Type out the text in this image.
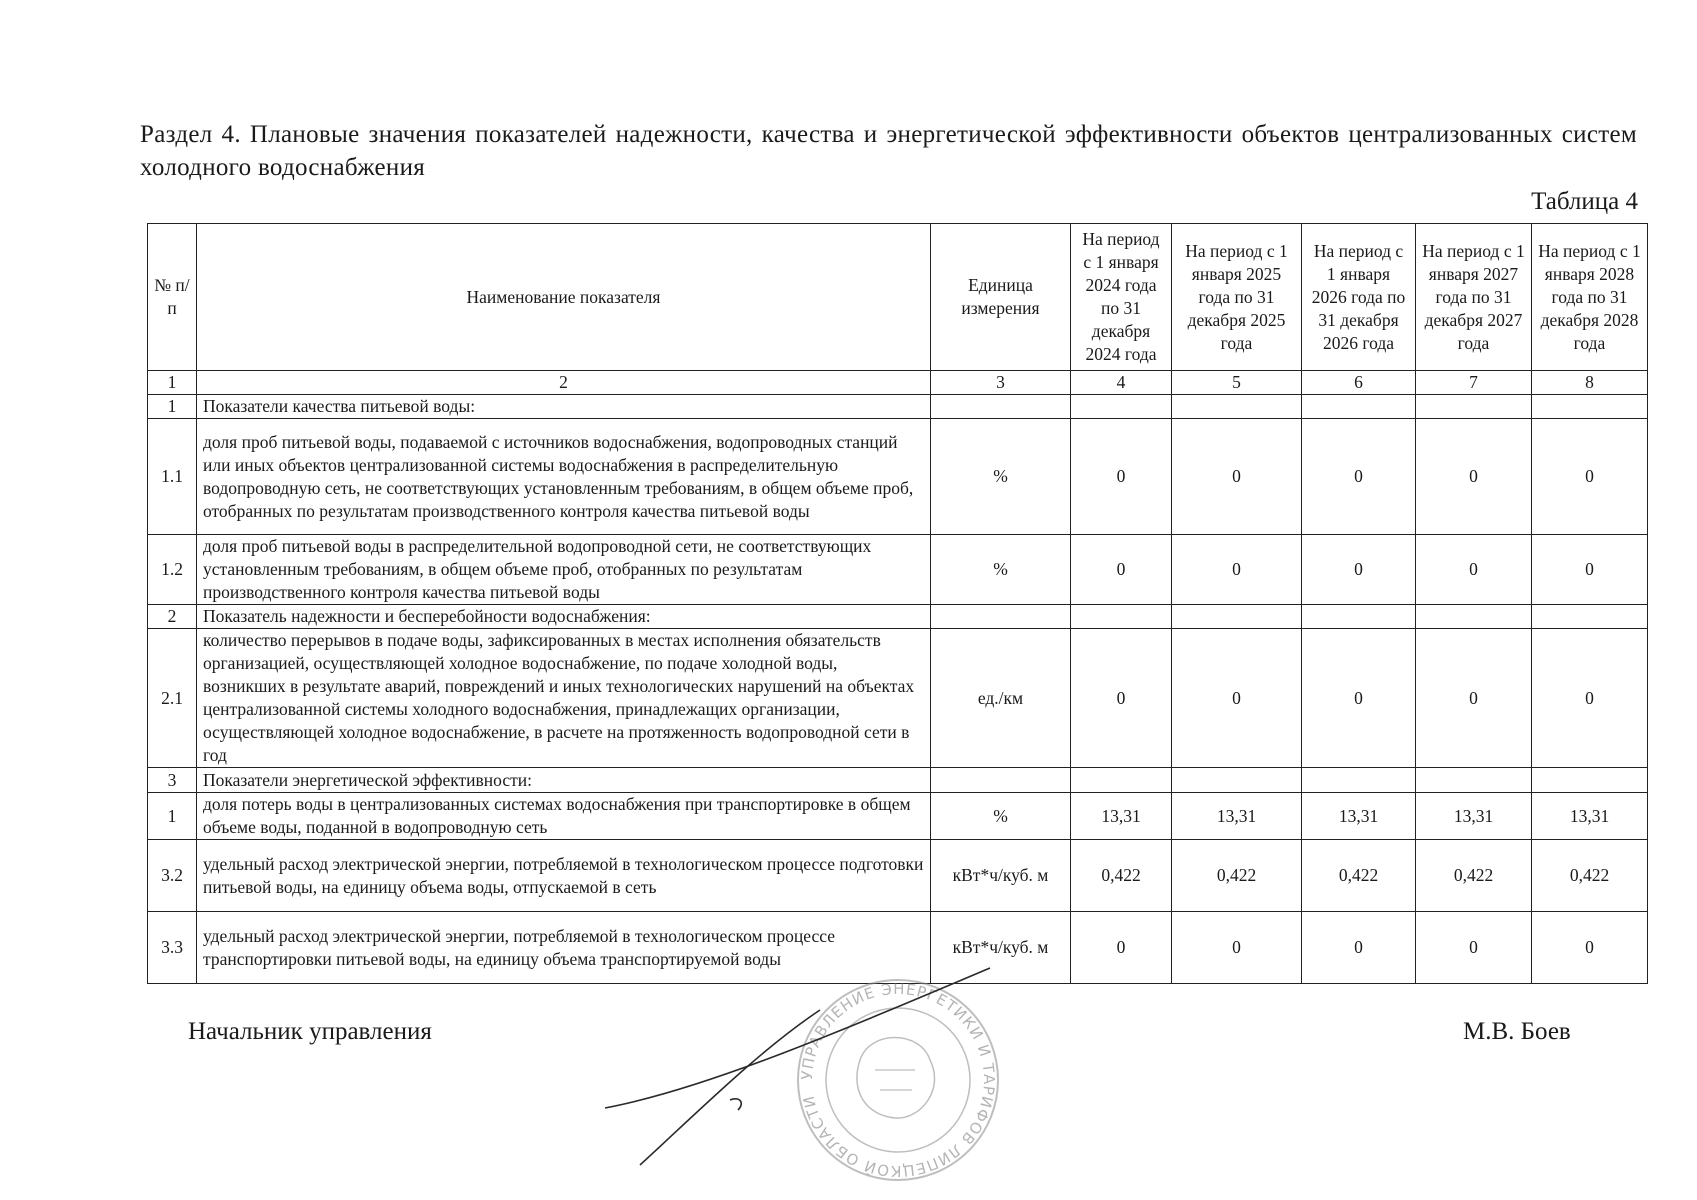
Раздел 4. Плановые значения показателей надежности, качества и энергетической эффективности объектов централизованных систем холодного водоснабжения
Таблица 4
№ п/п	Наименование показателя	Единица измерения	На период с 1 января 2024 года по 31 декабря 2024 года	На период с 1 января 2025 года по 31 декабря 2025 года	На период с 1 января 2026 года по 31 декабря 2026 года	На период с 1 января 2027 года по 31 декабря 2027 года	На период с 1 января 2028 года по 31 декабря 2028 года
1	2	3	4	5	6	7	8
1	Показатели качества питьевой воды:						
1.1	доля проб питьевой воды, подаваемой с источников водоснабжения, водопроводных станций или иных объектов централизованной системы водоснабжения в распределительную водопроводную сеть, не соответствующих установленным требованиям, в общем объеме проб, отобранных по результатам производственного контроля качества питьевой воды	%	0	0	0	0	0
1.2	доля проб питьевой воды в распределительной водопроводной сети, не соответствующих установленным требованиям, в общем объеме проб, отобранных по результатам производственного контроля качества питьевой воды	%	0	0	0	0	0
2	Показатель надежности и бесперебойности водоснабжения:						
2.1	количество перерывов в подаче воды, зафиксированных в местах исполнения обязательств организацией, осуществляющей холодное водоснабжение, по подаче холодной воды, возникших в результате аварий, повреждений и иных технологических нарушений на объектах централизованной системы холодного водоснабжения, принадлежащих организации, осуществляющей холодное водоснабжение, в расчете на протяженность водопроводной сети в год	ед./км	0	0	0	0	0
3	Показатели энергетической эффективности:						
1	доля потерь воды в централизованных системах водоснабжения при транспортировке в общем объеме воды, поданной в водопроводную сеть	%	13,31	13,31	13,31	13,31	13,31
3.2	удельный расход электрической энергии, потребляемой в технологическом процессе подготовки питьевой воды, на единицу объема воды, отпускаемой в сеть	кВт*ч/куб. м	0,422	0,422	0,422	0,422	0,422
3.3	удельный расход электрической энергии, потребляемой в технологическом процессе транспортировки питьевой воды, на единицу объема транспортируемой воды	кВт*ч/куб. м	0	0	0	0	0
Начальник управления	М.В. Боев
УПРАВЛЕНИЕ ЭНЕРГЕТИКИ И ТАРИФОВ ЛИПЕЦКОЙ ОБЛАСТИ
